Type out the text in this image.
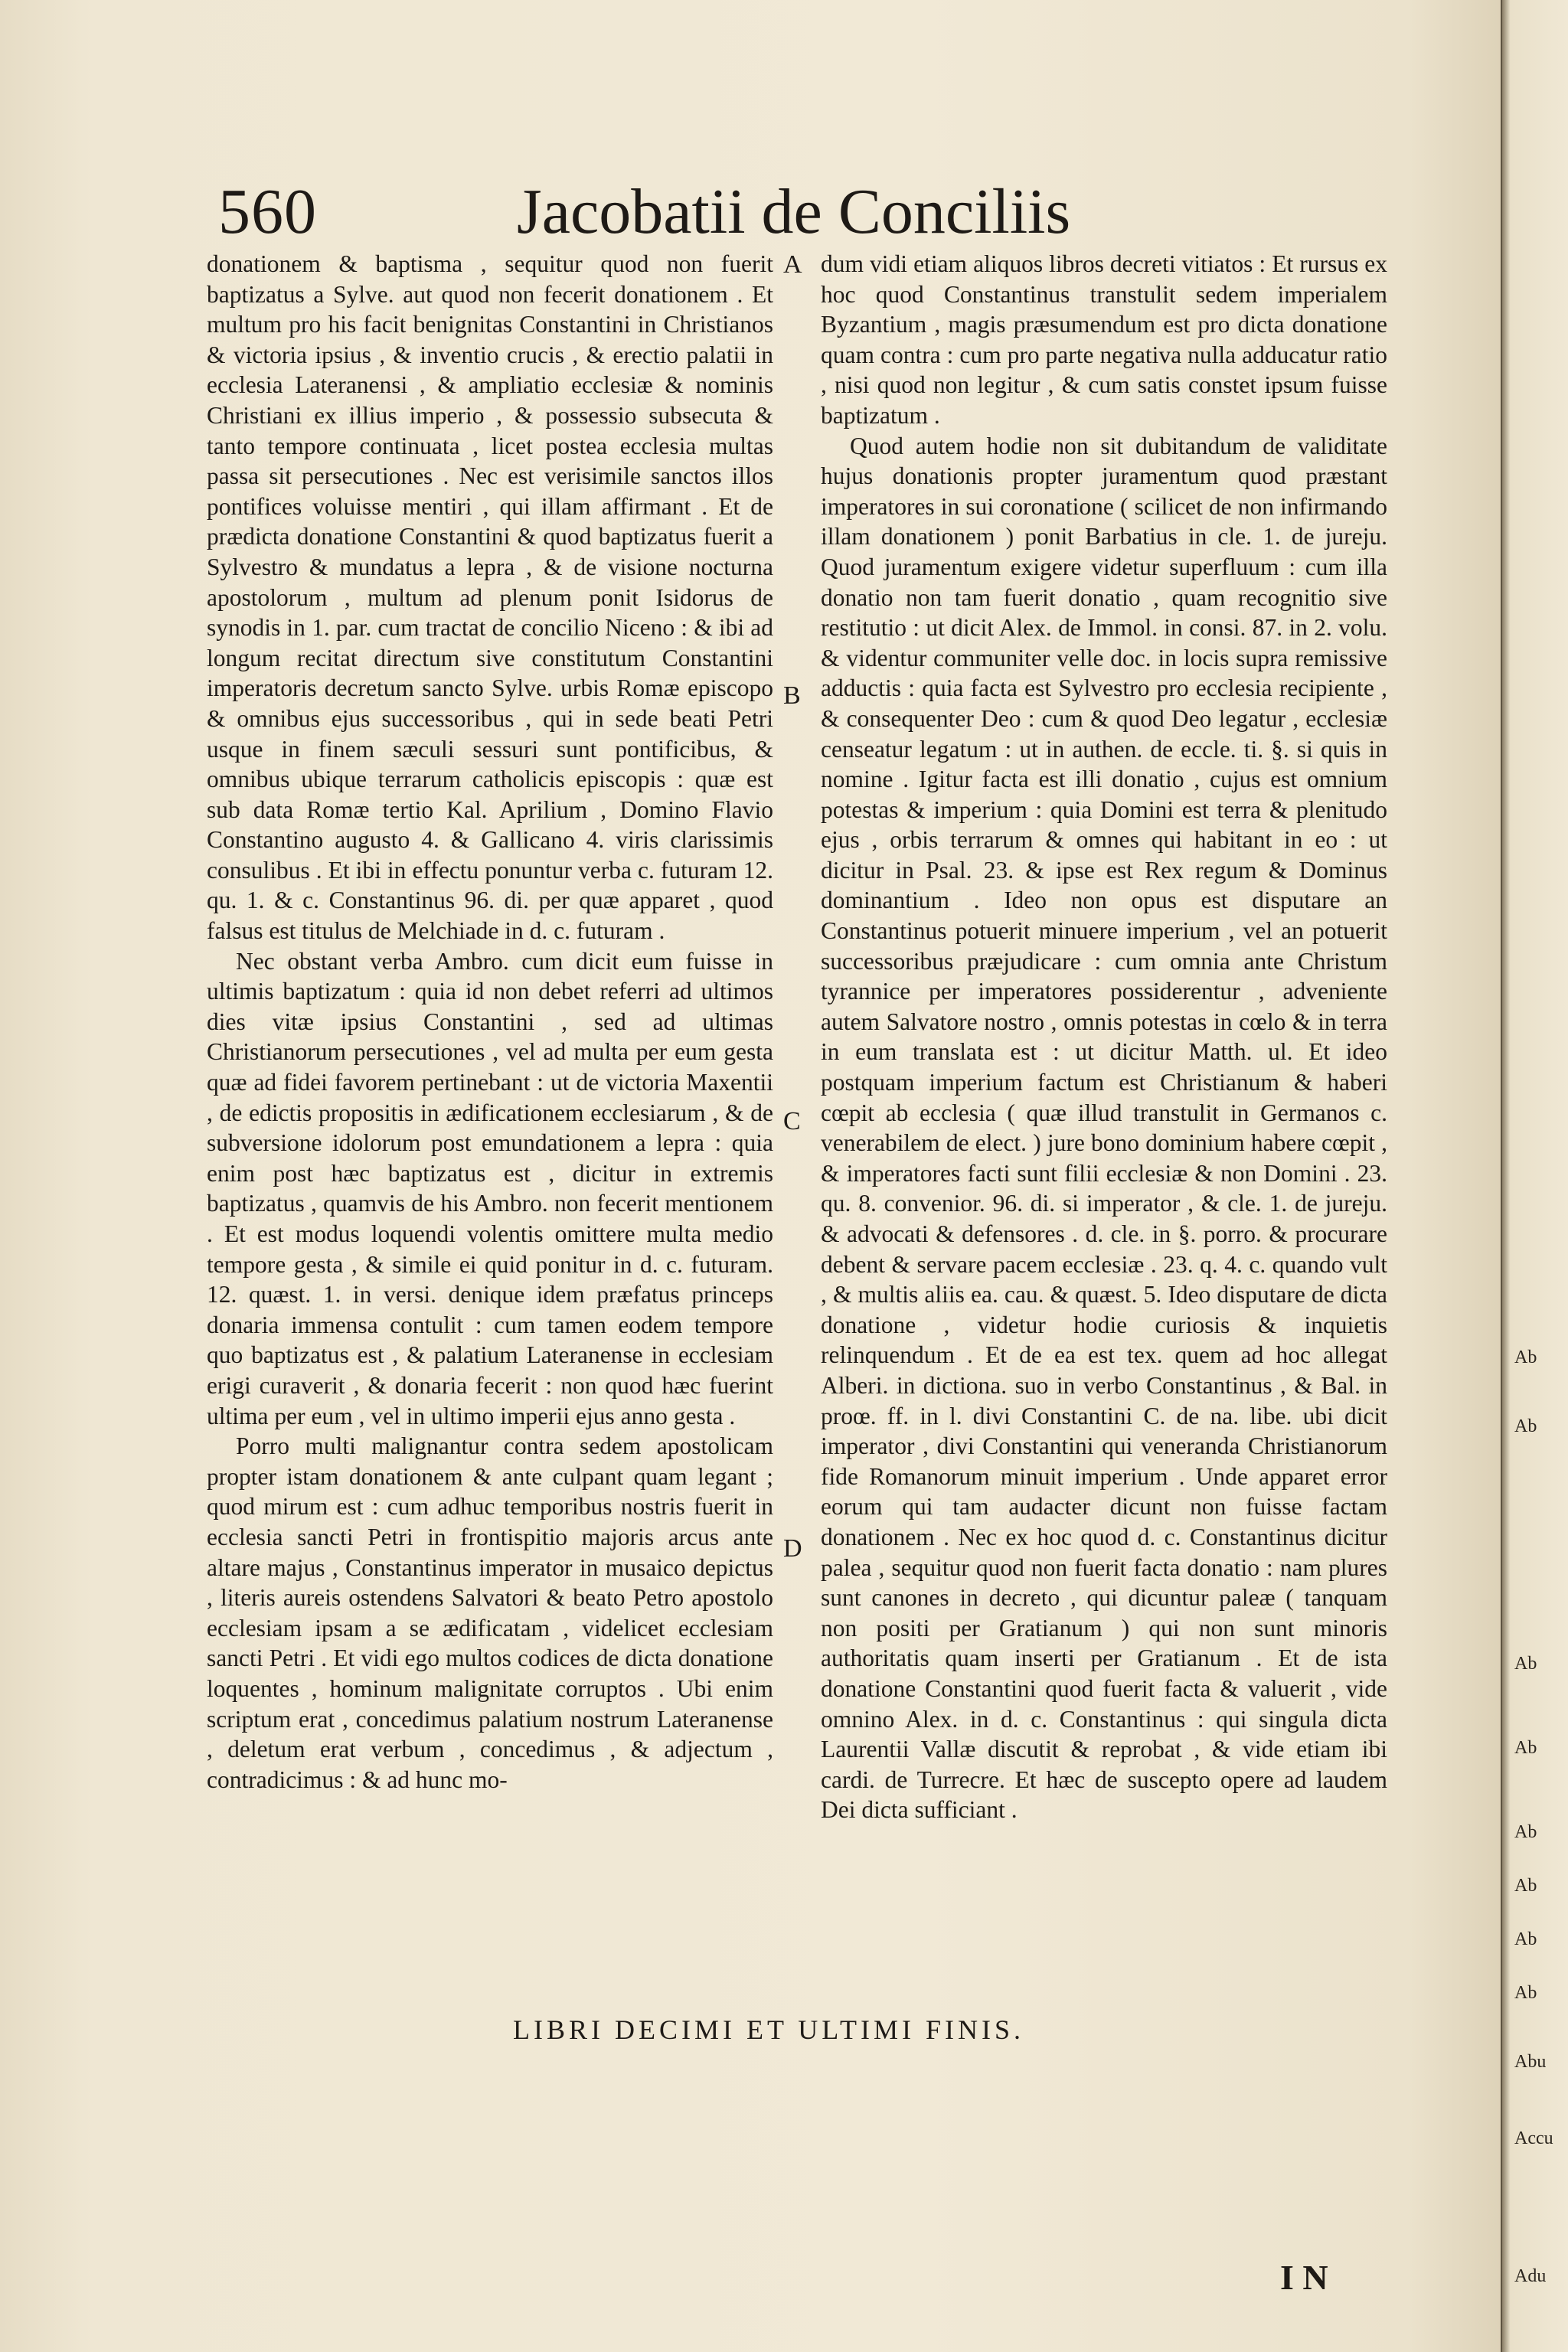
560	Jacobatii de Conciliis

donationem & baptisma , sequitur quod non fuerit baptizatus a Sylve. aut quod non fecerit donationem . Et multum pro his facit benignitas Constantini in Christianos & victoria ipsius , & inventio crucis , & erectio palatii in ecclesia Lateranensi , & ampliatio ecclesiæ & nominis Christiani ex illius imperio , & possessio subsecuta & tanto tempore continuata , licet postea ecclesia multas passa sit persecutiones . Nec est verisimile sanctos illos pontifices voluisse mentiri , qui illam affirmant . Et de prædicta donatione Constantini & quod baptizatus fuerit a Sylvestro & mundatus a lepra , & de visione nocturna apostolorum , multum ad plenum ponit Isidorus de synodis in 1. par. cum tractat de concilio Niceno : & ibi ad longum recitat directum sive constitutum Constantini imperatoris decretum sancto Sylve. urbis Romæ episcopo & omnibus ejus successoribus , qui in sede beati Petri usque in finem sæculi sessuri sunt pontificibus, & omnibus ubique terrarum catholicis episcopis : quæ est sub data Romæ tertio Kal. Aprilium , Domino Flavio Constantino augusto 4. & Gallicano 4. viris clarissimis consulibus . Et ibi in effectu ponuntur verba c. futuram 12. qu. 1. & c. Constantinus 96. di. per quæ apparet , quod falsus est titulus de Melchiade in d. c. futuram .

Nec obstant verba Ambro. cum dicit eum fuisse in ultimis baptizatum : quia id non debet referri ad ultimos dies vitæ ipsius Constantini , sed ad ultimas Christianorum persecutiones , vel ad multa per eum gesta quæ ad fidei favorem pertinebant : ut de victoria Maxentii , de edictis propositis in ædificationem ecclesiarum , & de subversione idolorum post emundationem a lepra : quia enim post hæc baptizatus est , dicitur in extremis baptizatus , quamvis de his Ambro. non fecerit mentionem . Et est modus loquendi volentis omittere multa medio tempore gesta , & simile ei quid ponitur in d. c. futuram. 12. quæst. 1. in versi. denique idem præfatus princeps donaria immensa contulit : cum tamen eodem tempore quo baptizatus est , & palatium Lateranense in ecclesiam erigi curaverit , & donaria fecerit : non quod hæc fuerint ultima per eum , vel in ultimo imperii ejus anno gesta .

Porro multi malignantur contra sedem apostolicam propter istam donationem & ante culpant quam legant ; quod mirum est : cum adhuc temporibus nostris fuerit in ecclesia sancti Petri in frontispitio majoris arcus ante altare majus , Constantinus imperator in musaico depictus , literis aureis ostendens Salvatori & beato Petro apostolo ecclesiam ipsam a se ædificatam , videlicet ecclesiam sancti Petri . Et vidi ego multos codices de dicta donatione loquentes , hominum malignitate corruptos . Ubi enim scriptum erat , concedimus palatium nostrum Lateranense , deletum erat verbum , concedimus , & adjectum , contradicimus : & ad hunc mo-

A
B
C
D

dum vidi etiam aliquos libros decreti vitiatos : Et rursus ex hoc quod Constantinus transtulit sedem imperialem Byzantium , magis præsumendum est pro dicta donatione quam contra : cum pro parte negativa nulla adducatur ratio , nisi quod non legitur , & cum satis constet ipsum fuisse baptizatum .

Quod autem hodie non sit dubitandum de validitate hujus donationis propter juramentum quod præstant imperatores in sui coronatione ( scilicet de non infirmando illam donationem ) ponit Barbatius in cle. 1. de jureju. Quod juramentum exigere videtur superfluum : cum illa donatio non tam fuerit donatio , quam recognitio sive restitutio : ut dicit Alex. de Immol. in consi. 87. in 2. volu. & videntur communiter velle doc. in locis supra remissive adductis : quia facta est Sylvestro pro ecclesia recipiente , & consequenter Deo : cum & quod Deo legatur , ecclesiæ censeatur legatum : ut in authen. de eccle. ti. §. si quis in nomine . Igitur facta est illi donatio , cujus est omnium potestas & imperium : quia Domini est terra & plenitudo ejus , orbis terrarum & omnes qui habitant in eo : ut dicitur in Psal. 23. & ipse est Rex regum & Dominus dominantium . Ideo non opus est disputare an Constantinus potuerit minuere imperium , vel an potuerit successoribus præjudicare : cum omnia ante Christum tyrannice per imperatores possiderentur , adveniente autem Salvatore nostro , omnis potestas in cœlo & in terra in eum translata est : ut dicitur Matth. ul. Et ideo postquam imperium factum est Christianum & haberi cœpit ab ecclesia ( quæ illud transtulit in Germanos c. venerabilem de elect. ) jure bono dominium habere cœpit , & imperatores facti sunt filii ecclesiæ & non Domini . 23. qu. 8. convenior. 96. di. si imperator , & cle. 1. de jureju. & advocati & defensores . d. cle. in §. porro. & procurare debent & servare pacem ecclesiæ . 23. q. 4. c. quando vult , & multis aliis ea. cau. & quæst. 5. Ideo disputare de dicta donatione , videtur hodie curiosis & inquietis relinquendum . Et de ea est tex. quem ad hoc allegat Alberi. in dictiona. suo in verbo Constantinus , & Bal. in proœ. ff. in l. divi Constantini C. de na. libe. ubi dicit imperator , divi Constantini qui veneranda Christianorum fide Romanorum minuit imperium . Unde apparet error eorum qui tam audacter dicunt non fuisse factam donationem . Nec ex hoc quod d. c. Constantinus dicitur palea , sequitur quod non fuerit facta donatio : nam plures sunt canones in decreto , qui dicuntur paleæ ( tanquam non positi per Gratianum ) qui non sunt minoris authoritatis quam inserti per Gratianum . Et de ista donatione Constantini quod fuerit facta & valuerit , vide omnino Alex. in d. c. Constantinus : qui singula dicta Laurentii Vallæ discutit & reprobat , & vide etiam ibi cardi. de Turrecre. Et hæc de suscepto opere ad laudem Dei dicta sufficiant .

LIBRI DECIMI ET ULTIMI FINIS.
I N
Ab
Ab
Ab
Ab
Ab
Ab
Ab
Ab
Abu
Accu
Adu
